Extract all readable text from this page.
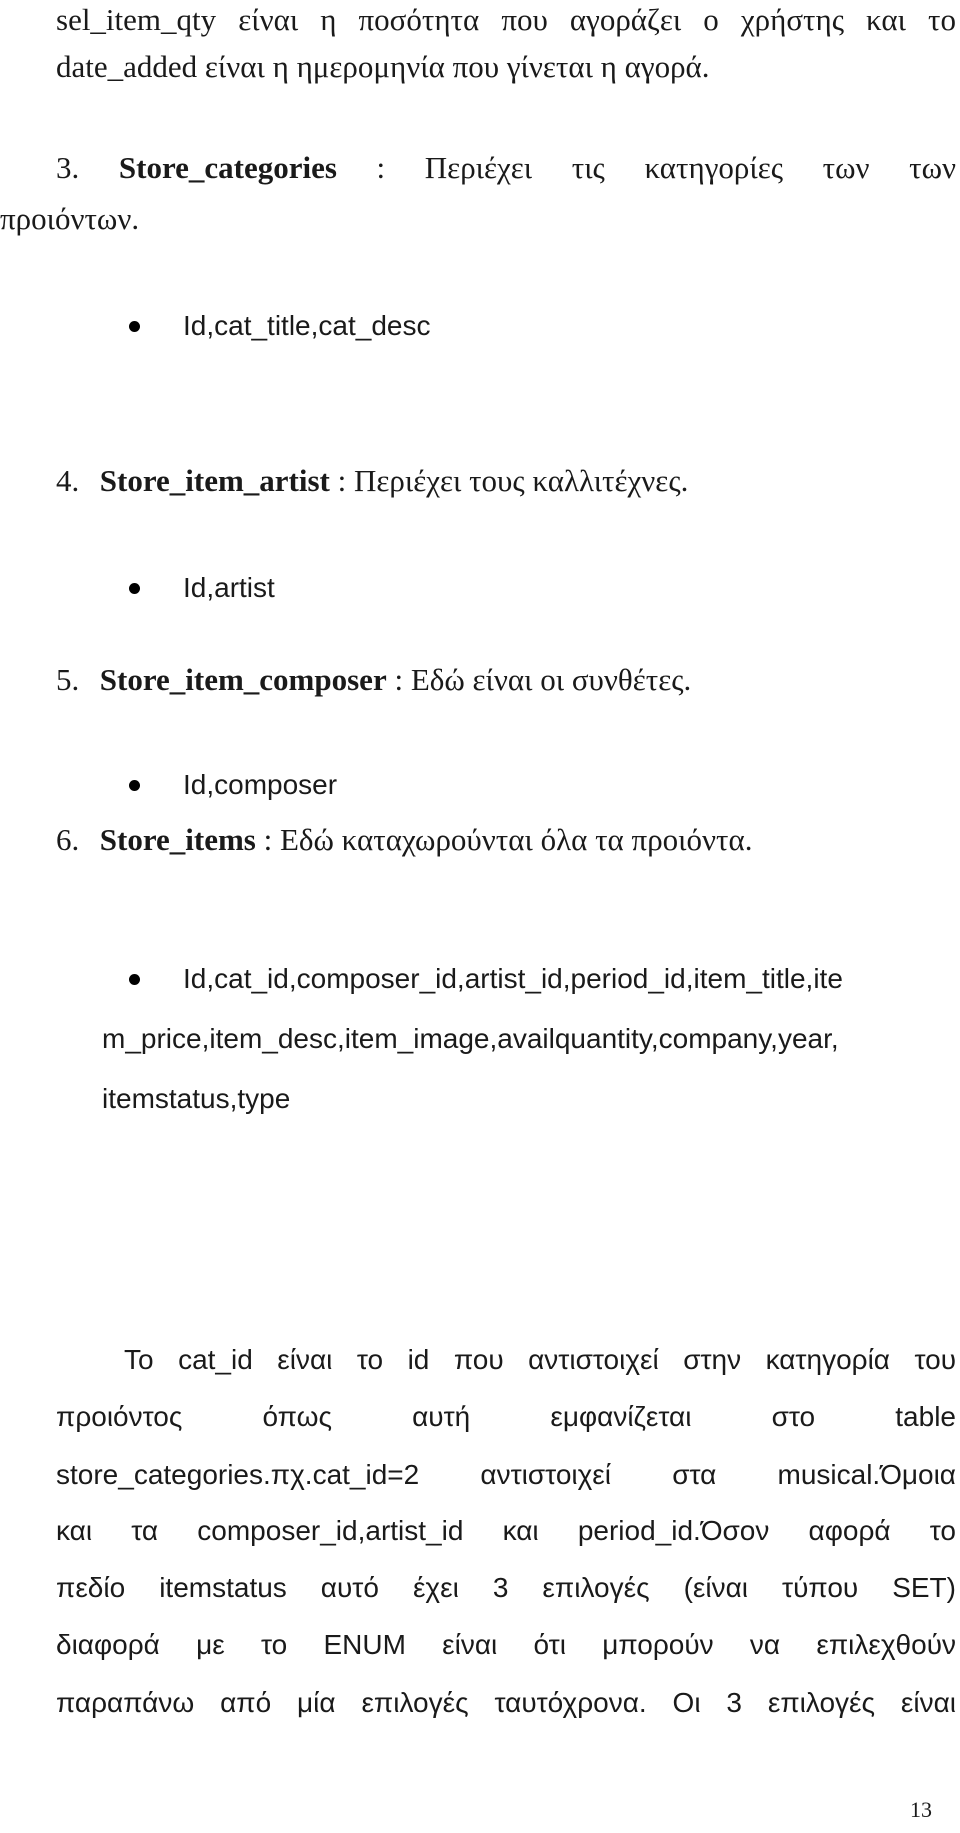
sel_item_qty είναι η ποσότητα που αγοράζει ο χρήστης και το
date_added είναι η ημερομηνία που γίνεται η αγορά.
3. Store_categories : Περιέχει τις κατηγορίες των των
προιόντων.
Id,cat_title,cat_desc
4. Store_item_artist : Περιέχει τους καλλιτέχνες.
Id,artist
5. Store_item_composer : Εδώ είναι οι συνθέτες.
Id,composer
6. Store_items : Εδώ καταχωρούνται όλα τα προιόντα.
Id,cat_id,composer_id,artist_id,period_id,item_title,ite
m_price,item_desc,item_image,availquantity,company,year,
itemstatus,type
Το cat_id είναι το id που αντιστοιχεί στην κατηγορία του
προιόντος όπως αυτή εμφανίζεται στο table
store_categories.πχ.cat_id=2 αντιστοιχεί στα musical.Όμοια
και τα composer_id,artist_id και period_id.Όσον αφορά το
πεδίο itemstatus αυτό έχει 3 επιλογές (είναι τύπου SET)
διαφορά με το ENUM είναι ότι μπορούν να επιλεχθούν
παραπάνω από μία επιλογές ταυτόχρονα. Οι 3 επιλογές είναι
13
